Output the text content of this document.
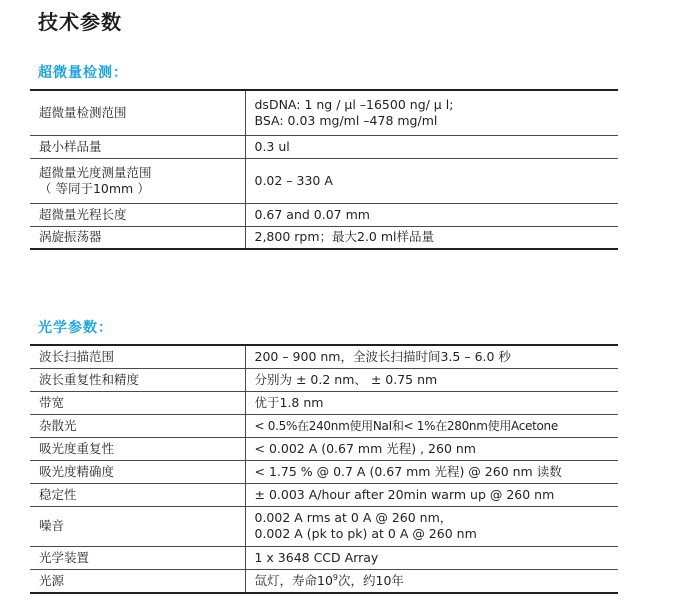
技术参数
超微量检测：
超微量检测范围	dsDNA: 1 ng / µl –16500 ng/ µ l;
BSA: 0.03 mg/ml –478 mg/ml
最小样品量	0.3 ul
超微量光度测量范围
（ 等同于10mm ）	0.02 – 330 A
超微量光程长度	0.67 and 0.07 mm
涡旋振荡器	2,800 rpm；最大2.0 ml样品量
光学参数：
波长扫描范围	200 – 900 nm，全波长扫描时间3.5 – 6.0 秒
波长重复性和精度	分别为 ± 0.2 nm、 ± 0.75 nm
带宽	优于1.8 nm
杂散光	< 0.5%在240nm使用NaI和< 1%在280nm使用Acetone
吸光度重复性	< 0.002 A (0.67 mm 光程) , 260 nm
吸光度精确度	< 1.75 % @ 0.7 A (0.67 mm 光程) @ 260 nm 读数
稳定性	± 0.003 A/hour after 20min warm up @ 260 nm
噪音	0.002 A rms at 0 A @ 260 nm，
0.002 A (pk to pk) at 0 A @ 260 nm
光学装置	1 x 3648 CCD Array
光源	氙灯，寿命$10^9$次，约10年
